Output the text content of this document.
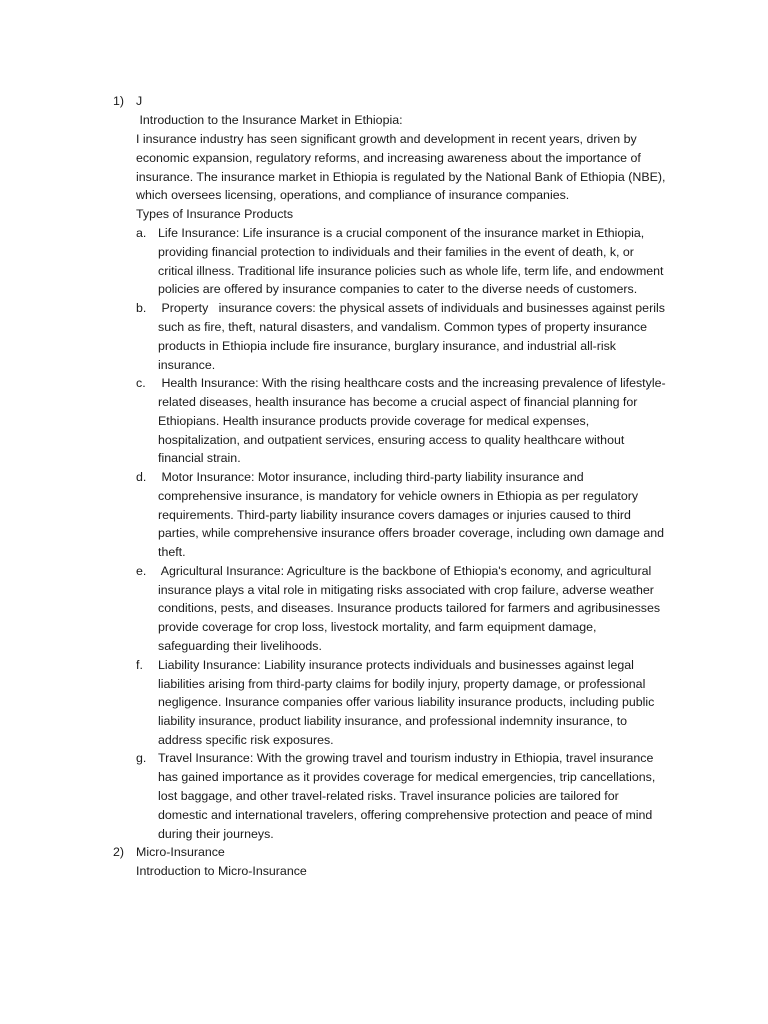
1) J
Introduction to the Insurance Market in Ethiopia:
I insurance industry has seen significant growth and development in recent years, driven by
economic expansion, regulatory reforms, and increasing awareness about the importance of
insurance. The insurance market in Ethiopia is regulated by the National Bank of Ethiopia (NBE),
which oversees licensing, operations, and compliance of insurance companies.
Types of Insurance Products
a. Life Insurance: Life insurance is a crucial component of the insurance market in Ethiopia,
providing financial protection to individuals and their families in the event of death, k, or
critical illness. Traditional life insurance policies such as whole life, term life, and endowment
policies are offered by insurance companies to cater to the diverse needs of customers.
b. Property   insurance covers: the physical assets of individuals and businesses against perils
such as fire, theft, natural disasters, and vandalism. Common types of property insurance
products in Ethiopia include fire insurance, burglary insurance, and industrial all-risk
insurance.
c. Health Insurance: With the rising healthcare costs and the increasing prevalence of lifestyle-
related diseases, health insurance has become a crucial aspect of financial planning for
Ethiopians. Health insurance products provide coverage for medical expenses,
hospitalization, and outpatient services, ensuring access to quality healthcare without
financial strain.
d. Motor Insurance: Motor insurance, including third-party liability insurance and
comprehensive insurance, is mandatory for vehicle owners in Ethiopia as per regulatory
requirements. Third-party liability insurance covers damages or injuries caused to third
parties, while comprehensive insurance offers broader coverage, including own damage and
theft.
e. Agricultural Insurance: Agriculture is the backbone of Ethiopia's economy, and agricultural
insurance plays a vital role in mitigating risks associated with crop failure, adverse weather
conditions, pests, and diseases. Insurance products tailored for farmers and agribusinesses
provide coverage for crop loss, livestock mortality, and farm equipment damage,
safeguarding their livelihoods.
f. Liability Insurance: Liability insurance protects individuals and businesses against legal
liabilities arising from third-party claims for bodily injury, property damage, or professional
negligence. Insurance companies offer various liability insurance products, including public
liability insurance, product liability insurance, and professional indemnity insurance, to
address specific risk exposures.
g. Travel Insurance: With the growing travel and tourism industry in Ethiopia, travel insurance
has gained importance as it provides coverage for medical emergencies, trip cancellations,
lost baggage, and other travel-related risks. Travel insurance policies are tailored for
domestic and international travelers, offering comprehensive protection and peace of mind
during their journeys.
2) Micro-Insurance
Introduction to Micro-Insurance
